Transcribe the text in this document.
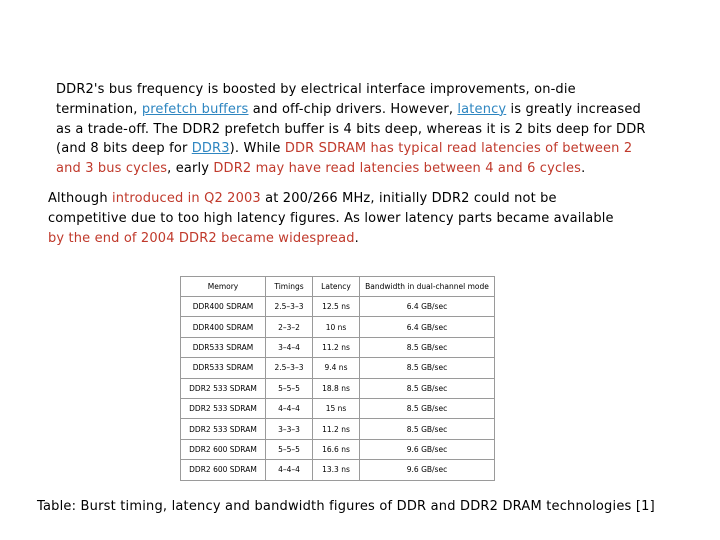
DDR2's bus frequency is boosted by electrical interface improvements, on-die
termination, prefetch buffers and off-chip drivers. However, latency is greatly increased
as a trade-off. The DDR2 prefetch buffer is 4 bits deep, whereas it is 2 bits deep for DDR
(and 8 bits deep for DDR3). While DDR SDRAM has typical read latencies of between 2
and 3 bus cycles, early DDR2 may have read latencies between 4 and 6 cycles.
Although introduced in Q2 2003 at 200/266 MHz, initially DDR2 could not be
competitive due to too high latency figures. As lower latency parts became available
by the end of 2004 DDR2 became widespread.
Memory	Timings	Latency	Bandwidth in dual-channel mode
DDR400 SDRAM	2.5–3–3	12.5 ns	6.4 GB/sec
DDR400 SDRAM	2–3–2	10 ns	6.4 GB/sec
DDR533 SDRAM	3–4–4	11.2 ns	8.5 GB/sec
DDR533 SDRAM	2.5–3–3	9.4 ns	8.5 GB/sec
DDR2 533 SDRAM	5–5–5	18.8 ns	8.5 GB/sec
DDR2 533 SDRAM	4–4–4	15 ns	8.5 GB/sec
DDR2 533 SDRAM	3–3–3	11.2 ns	8.5 GB/sec
DDR2 600 SDRAM	5–5–5	16.6 ns	9.6 GB/sec
DDR2 600 SDRAM	4–4–4	13.3 ns	9.6 GB/sec
Table: Burst timing, latency and bandwidth figures of DDR and DDR2 DRAM technologies [1]
